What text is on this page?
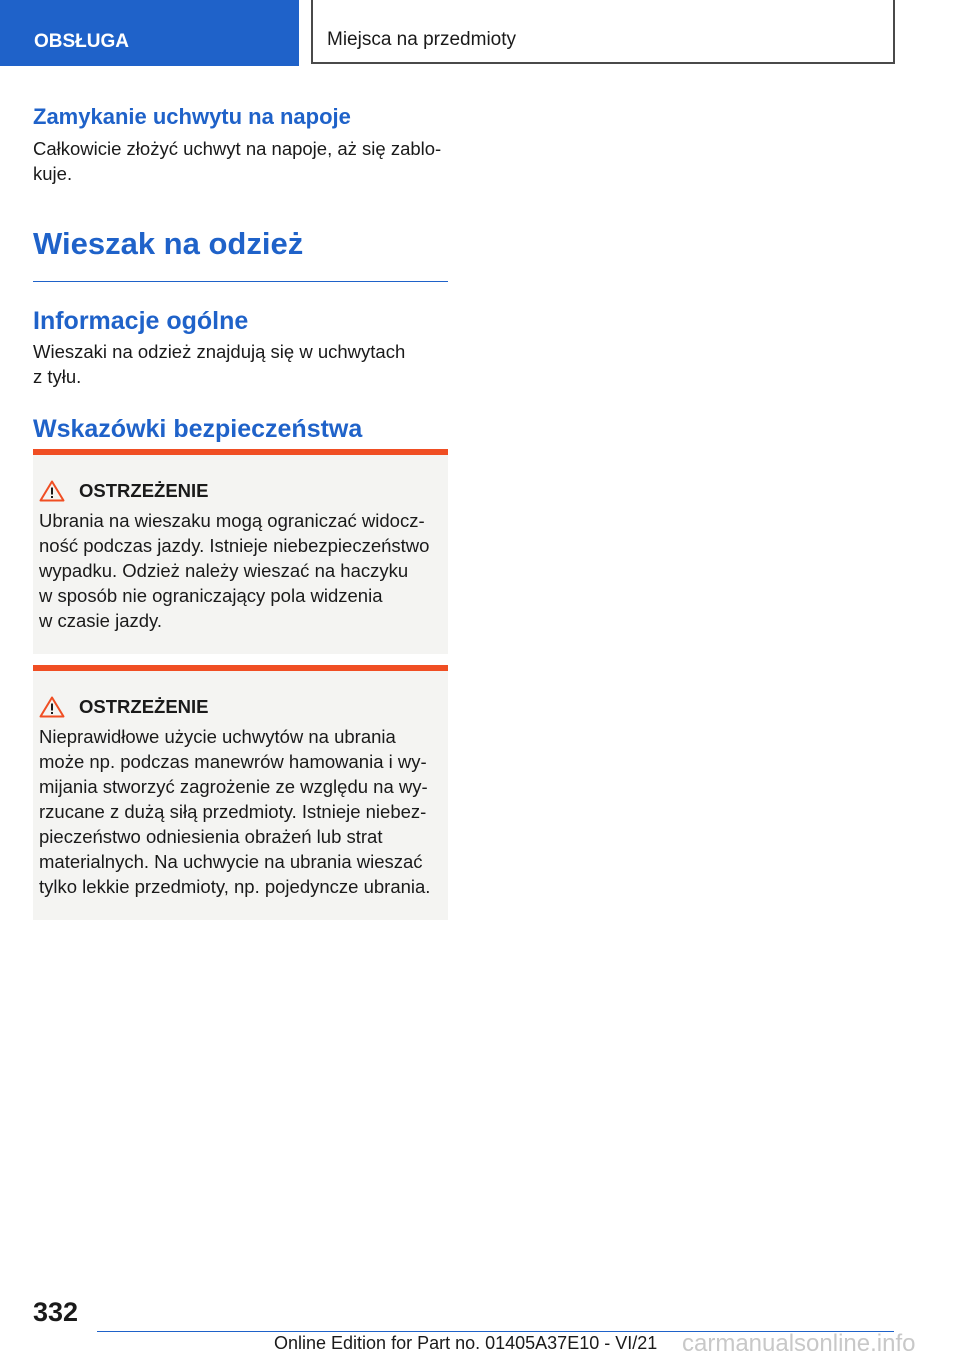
OBSŁUGA	Miejsca na przedmioty
Zamykanie uchwytu na napoje

Całkowicie złożyć uchwyt na napoje, aż się zablo-
kuje.

Wieszak na odzież
Informacje ogólne

Wieszaki na odzież znajdują się w uchwytach
z tyłu.

Wskazówki bezpieczeństwa
OSTRZEŻENIE

Ubrania na wieszaku mogą ograniczać widocz-
ność podczas jazdy. Istnieje niebezpieczeństwo
wypadku. Odzież należy wieszać na haczyku
w sposób nie ograniczający pola widzenia
w czasie jazdy.

OSTRZEŻENIE

Nieprawidłowe użycie uchwytów na ubrania
może np. podczas manewrów hamowania i wy-
mijania stworzyć zagrożenie ze względu na wy-
rzucane z dużą siłą przedmioty. Istnieje niebez-
pieczeństwo odniesienia obrażeń lub strat
materialnych. Na uchwycie na ubrania wieszać
tylko lekkie przedmioty, np. pojedyncze ubrania.

332
Online Edition for Part no. 01405A37E10 - VI/21 carmanualsonline.info
